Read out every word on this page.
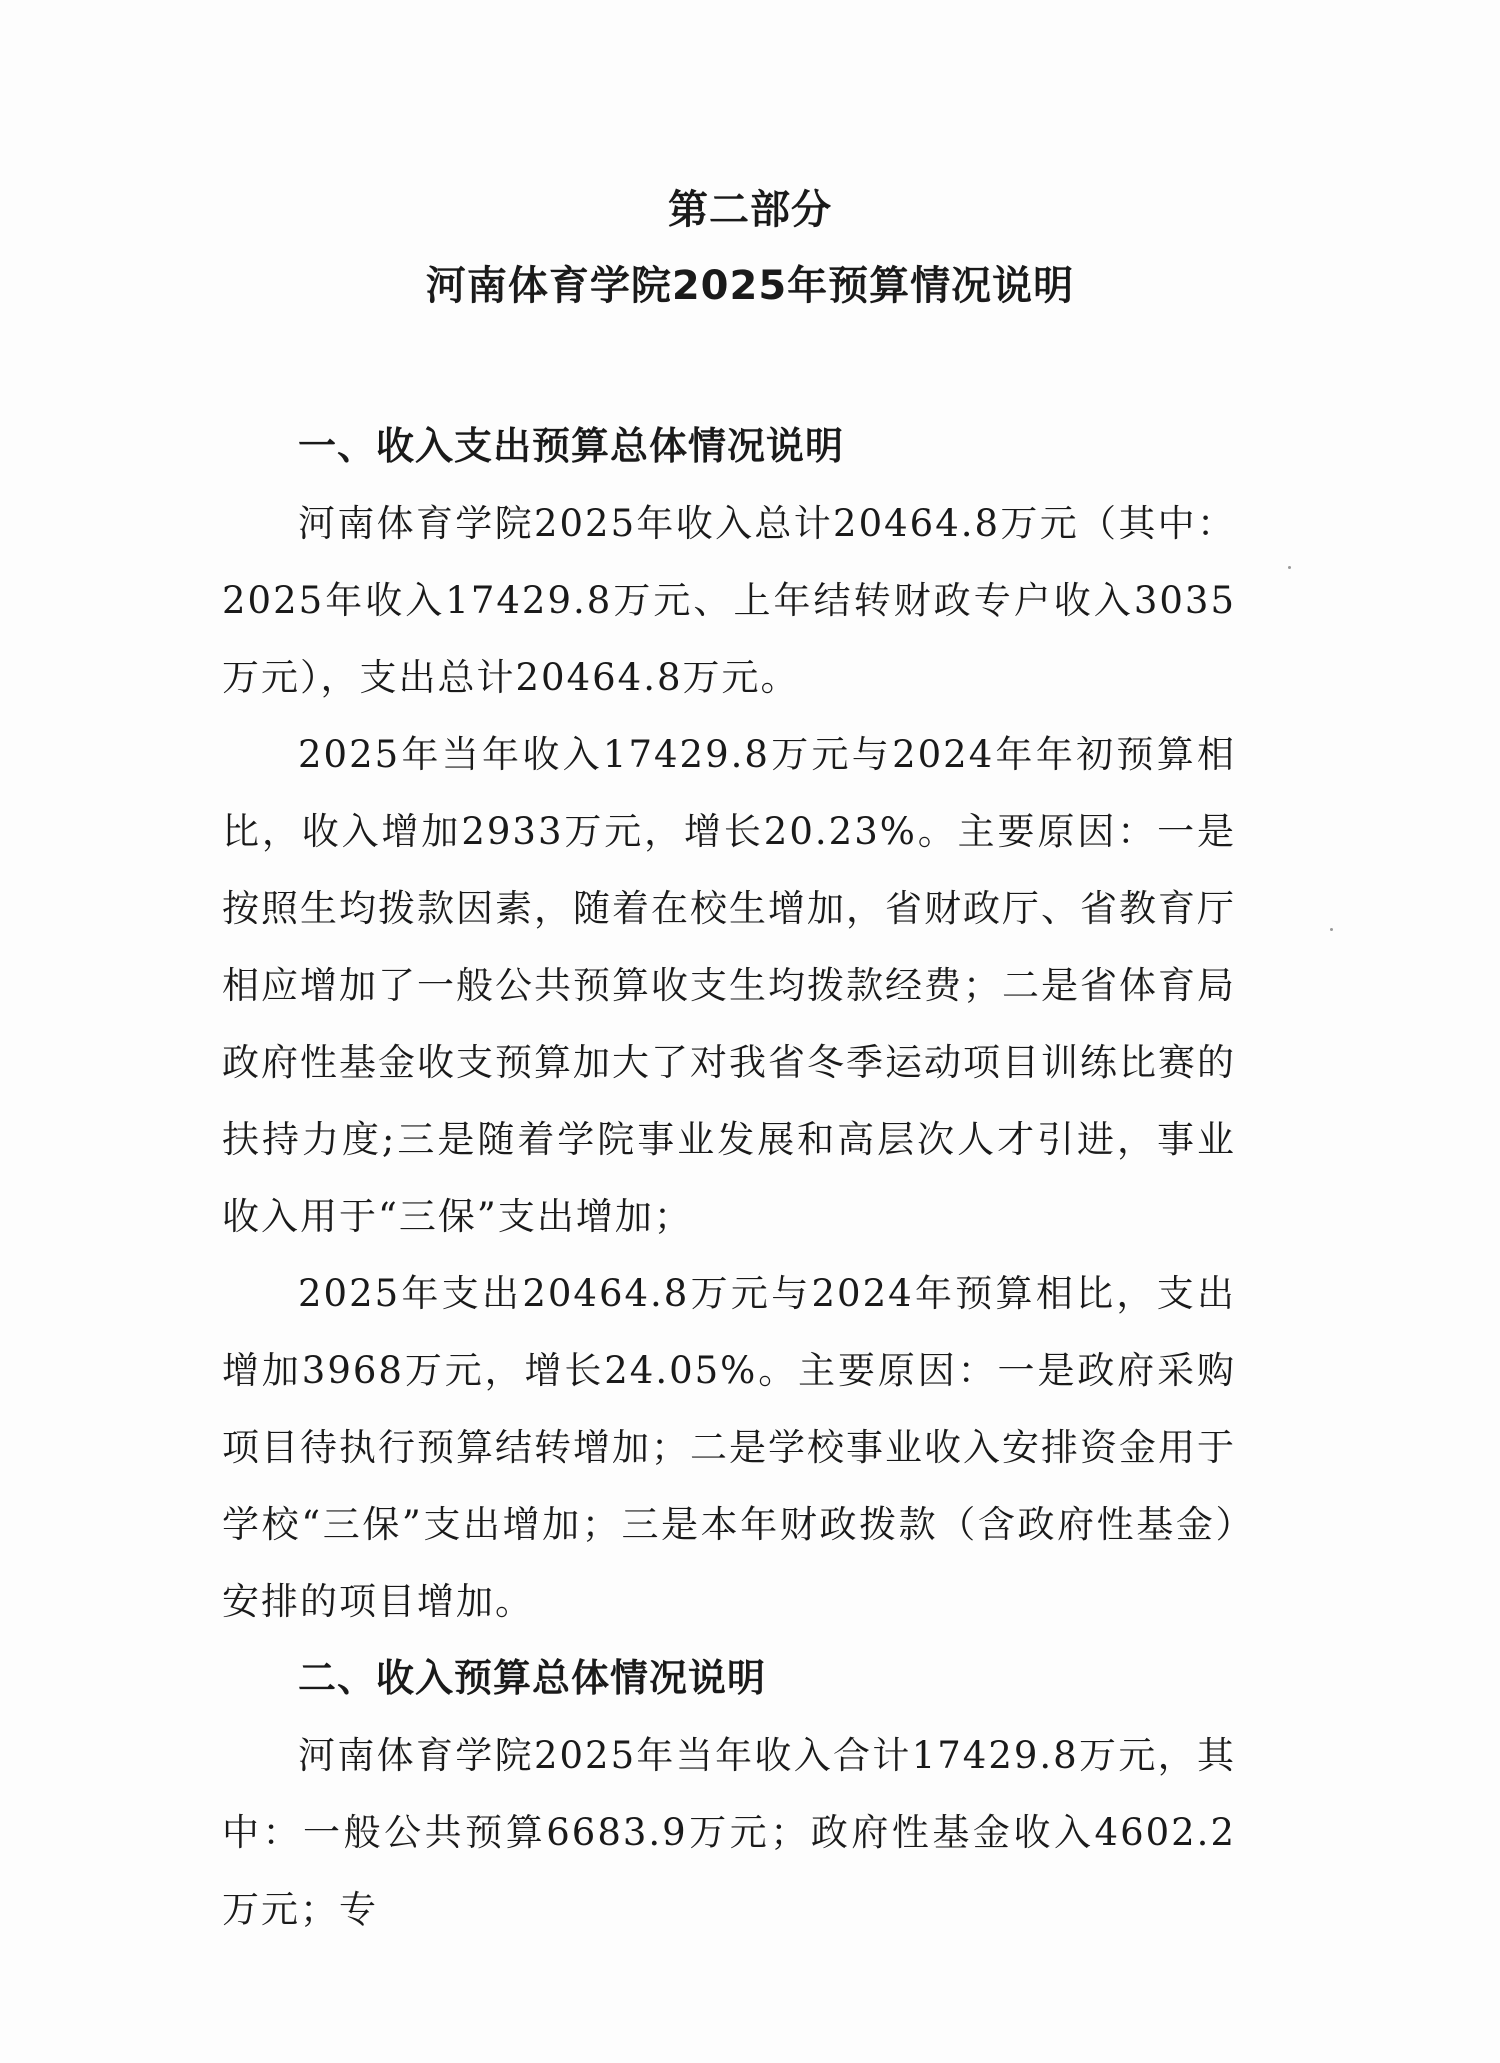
第二部分
河南体育学院2025年预算情况说明

一、收入支出预算总体情况说明

河南体育学院2025年收入总计20464.8万元（其中：2025年收入17429.8万元、上年结转财政专户收入3035万元），支出总计20464.8万元。

2025年当年收入17429.8万元与2024年年初预算相比，收入增加2933万元，增长20.23%。主要原因：一是按照生均拨款因素，随着在校生增加，省财政厅、省教育厅相应增加了一般公共预算收支生均拨款经费；二是省体育局政府性基金收支预算加大了对我省冬季运动项目训练比赛的扶持力度;三是随着学院事业发展和高层次人才引进，事业收入用于“三保”支出增加；

2025年支出20464.8万元与2024年预算相比，支出增加3968万元，增长24.05%。主要原因：一是政府采购项目待执行预算结转增加；二是学校事业收入安排资金用于学校“三保”支出增加；三是本年财政拨款（含政府性基金）安排的项目增加。

二、收入预算总体情况说明

河南体育学院2025年当年收入合计17429.8万元，其中：一般公共预算6683.9万元；政府性基金收入4602.2万元；专
